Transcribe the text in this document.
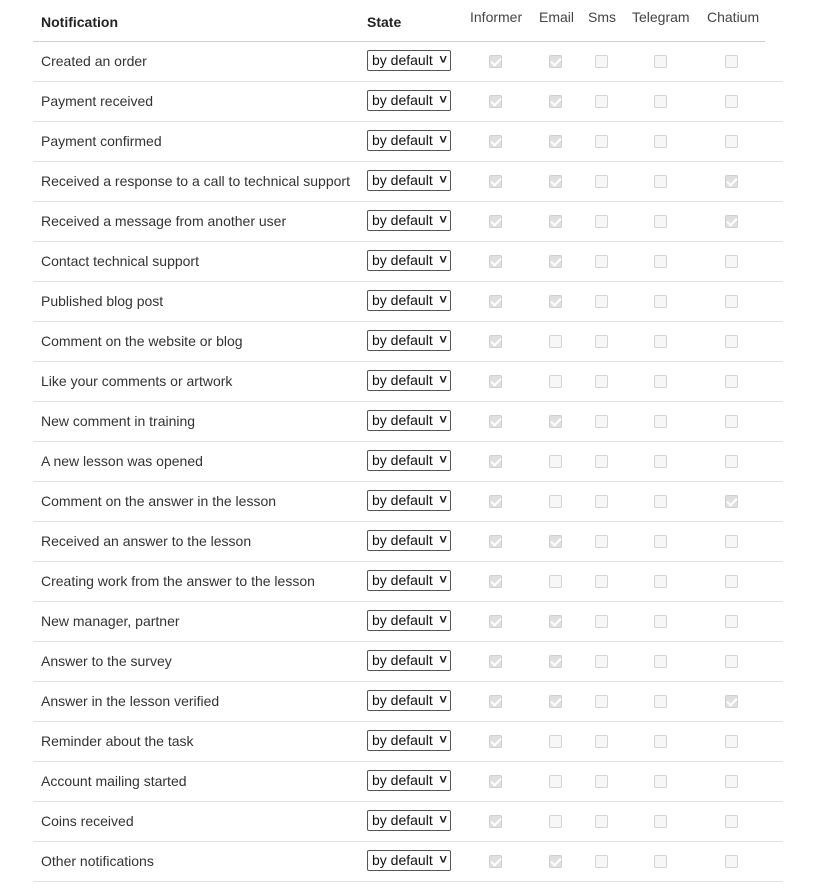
Notification	State	Informer Email Sms Telegram Chatium
Created an order	by default ˅
Payment received	by default ˅
Payment confirmed	by default ˅
Received a response to a call to technical support	by default ˅
Received a message from another user	by default ˅
Contact technical support	by default ˅
Published blog post	by default ˅
Comment on the website or blog	by default ˅
Like your comments or artwork	by default ˅
New comment in training	by default ˅
A new lesson was opened	by default ˅
Comment on the answer in the lesson	by default ˅
Received an answer to the lesson	by default ˅
Creating work from the answer to the lesson	by default ˅
New manager, partner	by default ˅
Answer to the survey	by default ˅
Answer in the lesson verified	by default ˅
Reminder about the task	by default ˅
Account mailing started	by default ˅
Coins received	by default ˅
Other notifications	by default ˅
